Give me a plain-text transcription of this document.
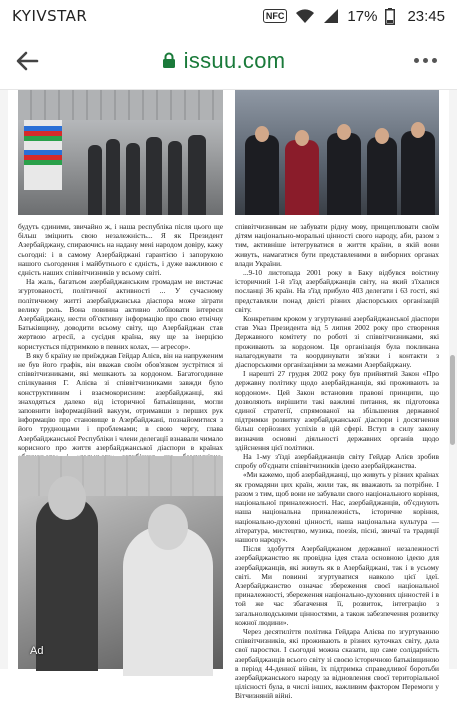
KYIVSTAR	NFC	17% 23:45
issuu.com

будуть єдиними, звичайно ж, і наша республіка після цього ще більш зміцнить свою незалежність... Я як Президент Азербайджану, спираючись на надану мені народом довіру, кажу сьогодні: і в самому Азербайджані гарантією і запорукою нашого сьогодення і майбутнього є єдність, і дуже важливою є єдність наших співвітчизників у всьому світі.

На жаль, багатьом азербайджанським громадам не вистачає згуртованості, політичної активності ... У сучасному політичному житті азербайджанська діаспора може зіграти велику роль. Вона повинна активно лобіювати інтереси Азербайджану, нести об'єктивну інформацію про свою етнічну Батьківщину, доводити всьому світу, що Азербайджан став жертвою агресії, а сусідня країна, яку ще за інерцією користується підтримкою в певних колах, — агресор».

В яку б країну не приїжджав Гейдар Алієв, він на напруженим не був його графік, він вважав своїм обов'язком зустрітися зі співвітчизниками, які мешкають за кордоном. Багатогодинне спілкування Г. Алієва зі співвітчизниками завжди було конструктивним і взаємокорисним: азербайджанці, які знаходяться далеко від історичної батьківщини, могли заповнити інформаційний вакуум, отримавши з перших рук інформацію про становище в Азербайджані, познайомитися з його труднощами і проблемами; в свою чергу, глава Азербайджанської Республіки і члени делегації взнавали чимало корисного про життя азербайджанської діаспори в країнах

співвітчизникам не забувати рідну мову, прищеплювати своїм дітям національно-моральні цінності свого народу, аби, разом з тим, активніше інтегруватися в життя країни, в якій вони живуть, намагатися бути представленими в виборних органах влади України.

...9-10 листопада 2001 року в Баку відбувся воістину історичний 1-й з'їзд азербайджанців світу, на який з'їхалися посланці 36 країн. На з'їзд прибуло 403 делегати і 63 гості, які представляли понад двісті різних діаспорських організацій світу.

Конкретним кроком у згуртуванні азербайджанської діаспори став Указ Президента від 5 липня 2002 року про створення Державного комітету по роботі зі співвітчизниками, які проживають за кордоном. Ця організація була покликана налагоджувати та координувати зв'язки і контакти з діаспорськими організаціями за межами Азербайджану.

І нарешті 27 грудня 2002 року був прийнятий Закон «Про державну політику щодо азербайджанців, які проживають за кордоном». Цей Закон встановив правові принципи, що дозволяють вирішити такі важливі питання, як підготовка єдиної стратегії, спрямованої на збільшення державної підтримки розвитку азербайджанської діаспори і досягнення більш серйозних успіхів в цій сфері. Вступ в силу закону визначив основні діяльності державних органів щодо здійснення цієї політики.

На 1-му з'їзді азербайджанців світу Гейдар Алієв зробив спробу об'єднати співвітчизників ідеєю азербайджанства.

«Ми кажемо, щоб азербайджанці, що живуть у різних країнах як громадяни цих країн, жили так, як вважають за потрібне. І разом з тим, щоб вони не забували свого національного коріння, національної приналежності. Нас, азербайджанців, об'єднують наша національна приналежність, історичне коріння, національно-духовні цінності, наша національна культура — література, мистецтво, музика, поезія, пісні, звичаї та традиції нашого народу».

Після здобуття Азербайджаном державної незалежності азербайджанство як провідна ідея стала основною ідеєю для азербайджанців, які живуть як в Азербайджані, так і в усьому світі. Ми повинні згуртуватися навколо цієї ідеї. Азербайджанство означає збереження своєї національної приналежності, збереження національно-духовних цінностей і в той же час збагачення її, розвиток, інтеграцію з загальнолюдськими цінностями, а також забезпечення розвитку кожної людини».

Через десятиліття політика Гейдара Алієва по згуртуванню співвітчизників, які проживають в різних куточках світу, дала свої паростки. І сьогодні можна сказати, що саме солідарність азербайджанців всього світу зі своєю історичною батьківщиною в період 44-денної війни, їх підтримка справедливої боротьби азербайджанського народу за відновлення своєї територіальної цілісності була, в числі інших, важливим фактором Перемоги у Вітчизняній війні.

Ad
